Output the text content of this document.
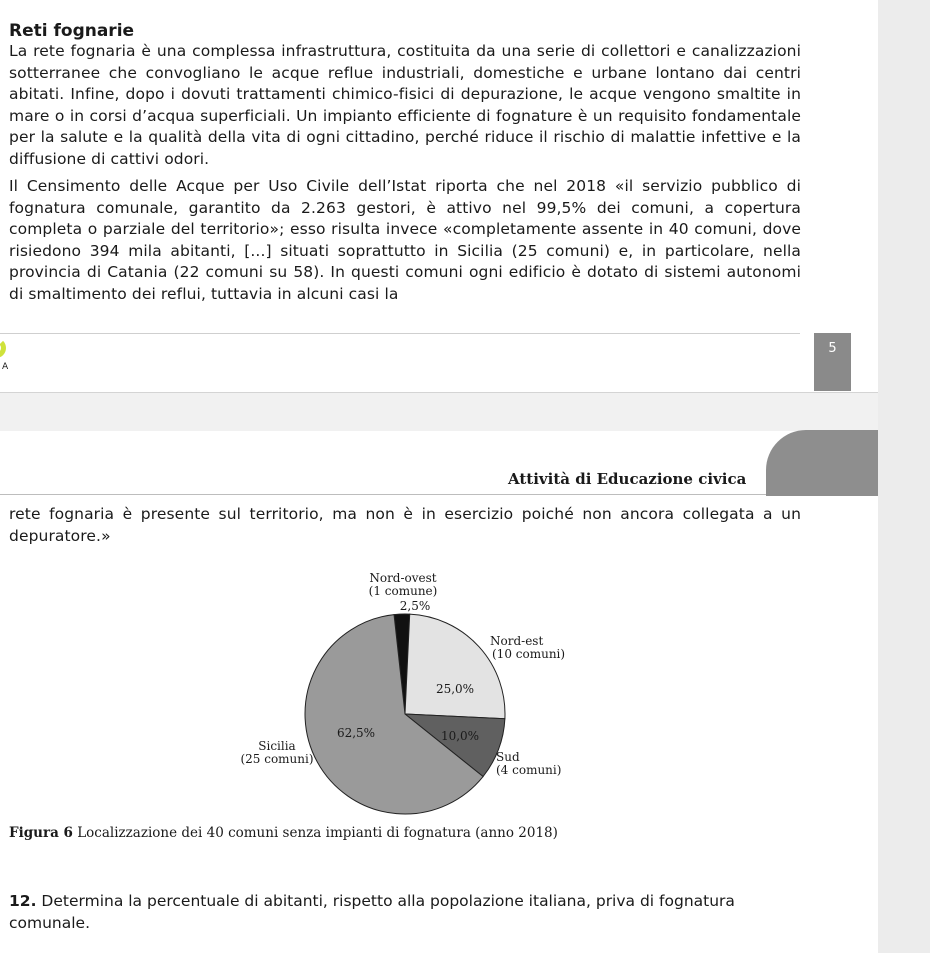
Reti fognarie
La rete fognaria è una complessa infrastruttura, costituita da una serie di collettori e canalizzazioni sotterranee che convogliano le acque reflue industriali, domestiche e urbane lontano dai centri abitati. Infine, dopo i dovuti trattamenti chimico-fisici di depurazione, le acque vengono smaltite in mare o in corsi d’acqua superficiali. Un impianto efficiente di fognature è un requisito fondamentale per la salute e la qualità della vita di ogni cittadino, perché riduce il rischio di malattie infettive e la diffusione di cattivi odori.
Il Censimento delle Acque per Uso Civile dell’Istat riporta che nel 2018 «il servizio pubblico di fognatura comunale, garantito da 2.263 gestori, è attivo nel 99,5% dei comuni, a copertura completa o parziale del territorio»; esso risulta invece «completamente assente in 40 comuni, dove risiedono 394 mila abitanti, [...] situati soprattutto in Sicilia (25 comuni) e, in particolare, nella provincia di Catania (22 comuni su 58). In questi comuni ogni edificio è dotato di sistemi autonomi di smaltimento dei reflui, tuttavia in alcuni casi la
A
5
Attività di Educazione civica
rete fognaria è presente sul territorio, ma non è in esercizio poiché non ancora collegata a un depuratore.»
Nord-ovest
(1 comune)
2,5%
Nord-est
(10 comuni)
25,0%
10,0%
Sud
(4 comuni)
62,5%
Sicilia
(25 comuni)
Figura 6 Localizzazione dei 40 comuni senza impianti di fognatura (anno 2018)
12. Determina la percentuale di abitanti, rispetto alla popolazione italiana, priva di fognatura comunale.
